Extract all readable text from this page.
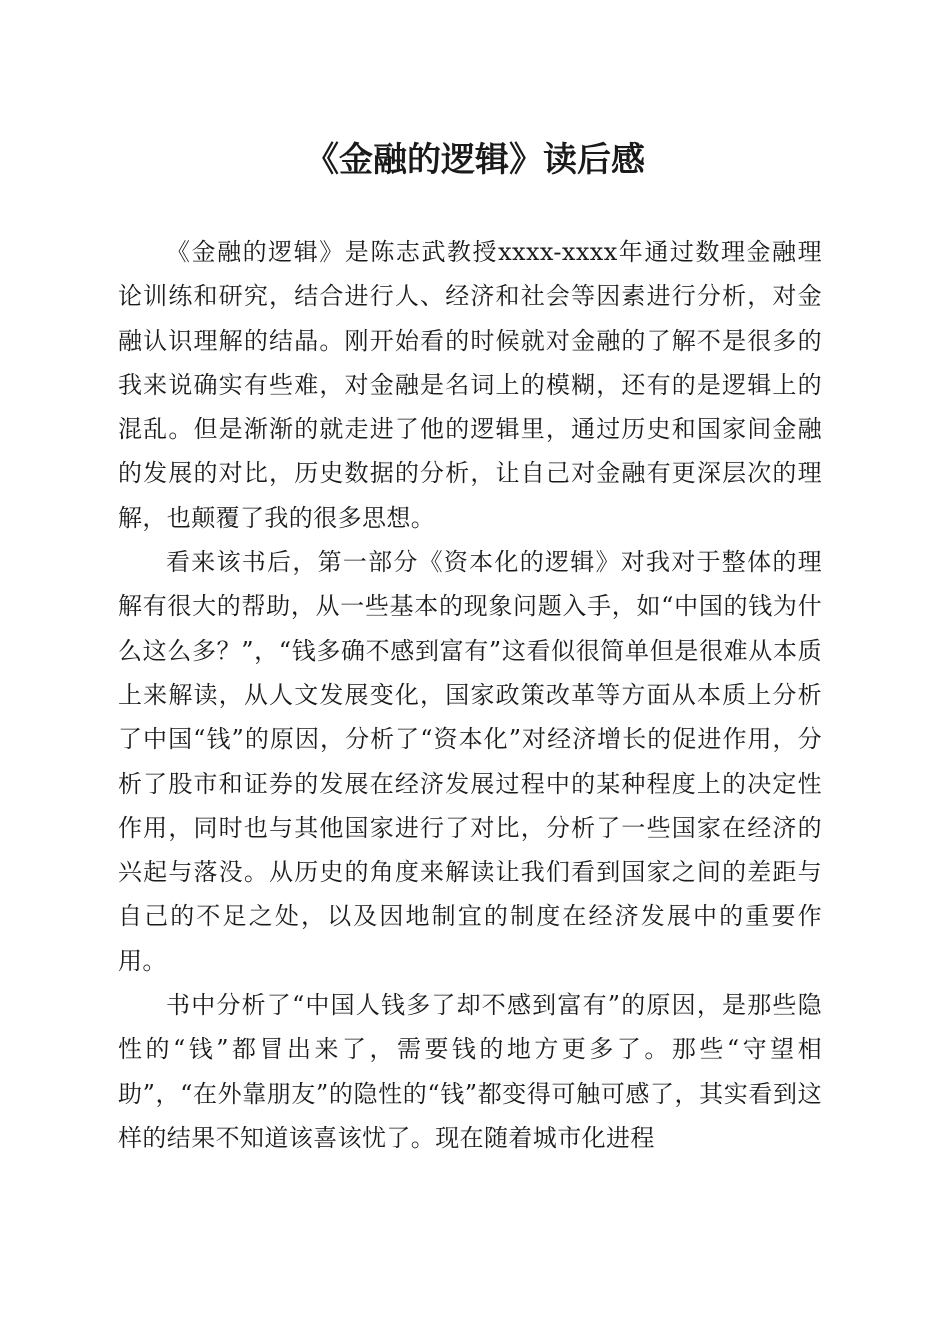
《金融的逻辑》读后感

《金融的逻辑》是陈志武教授xxxx-xxxx年通过数理金融理论训练和研究，结合进行人、经济和社会等因素进行分析，对金融认识理解的结晶。刚开始看的时候就对金融的了解不是很多的我来说确实有些难，对金融是名词上的模糊，还有的是逻辑上的混乱。但是渐渐的就走进了他的逻辑里，通过历史和国家间金融的发展的对比，历史数据的分析，让自己对金融有更深层次的理解，也颠覆了我的很多思想。

看来该书后，第一部分《资本化的逻辑》对我对于整体的理解有很大的帮助，从一些基本的现象问题入手，如“中国的钱为什么这么多？”，“钱多确不感到富有”这看似很简单但是很难从本质上来解读，从人文发展变化，国家政策改革等方面从本质上分析了中国“钱”的原因，分析了“资本化”对经济增长的促进作用，分析了股市和证券的发展在经济发展过程中的某种程度上的决定性作用，同时也与其他国家进行了对比，分析了一些国家在经济的兴起与落没。从历史的角度来解读让我们看到国家之间的差距与自己的不足之处，以及因地制宜的制度在经济发展中的重要作用。

书中分析了“中国人钱多了却不感到富有”的原因，是那些隐性的“钱”都冒出来了，需要钱的地方更多了。那些“守望相助”，“在外靠朋友”的隐性的“钱”都变得可触可感了，其实看到这样的结果不知道该喜该忧了。现在随着城市化进程
